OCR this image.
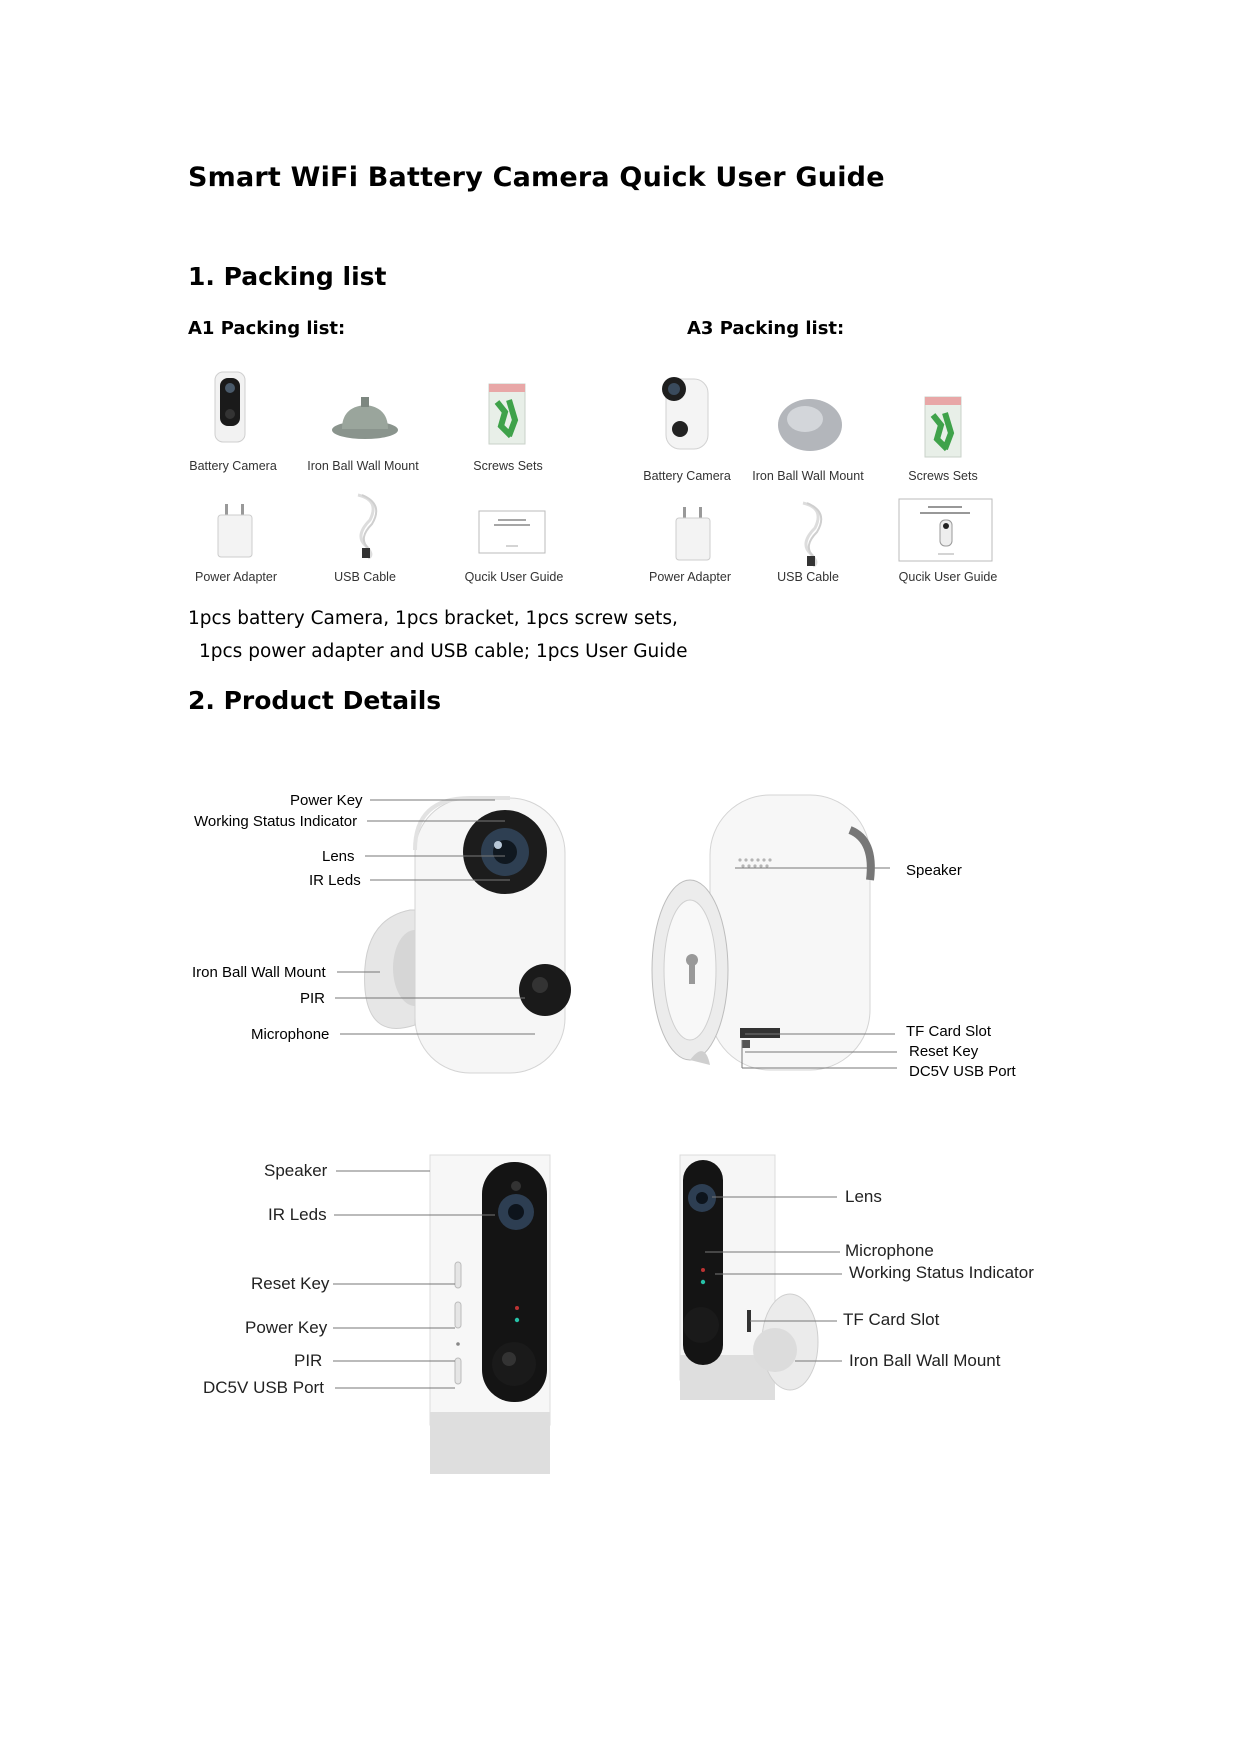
Smart WiFi Battery Camera Quick User Guide
1. Packing list

A1 Packing list:	A3 Packing list:

Battery Camera	Iron Ball Wall Mount	Screws Sets
Power Adapter	USB Cable	Qucik User Guide
Battery Camera	Iron Ball Wall Mount	Screws Sets
Power Adapter	USB Cable	Qucik User Guide

1pcs battery Camera, 1pcs bracket, 1pcs screw sets,

1pcs power adapter and USB cable; 1pcs User Guide

2. Product Details
Power Key
Working Status Indicator
Lens
IR Leds
Iron Ball Wall Mount
PIR
Microphone
Speaker
TF Card Slot
Reset Key
DC5V USB Port
Speaker
IR Leds
Reset Key
Power Key
PIR
DC5V USB Port
Lens
Microphone
Working Status Indicator
TF Card Slot
Iron Ball Wall Mount
